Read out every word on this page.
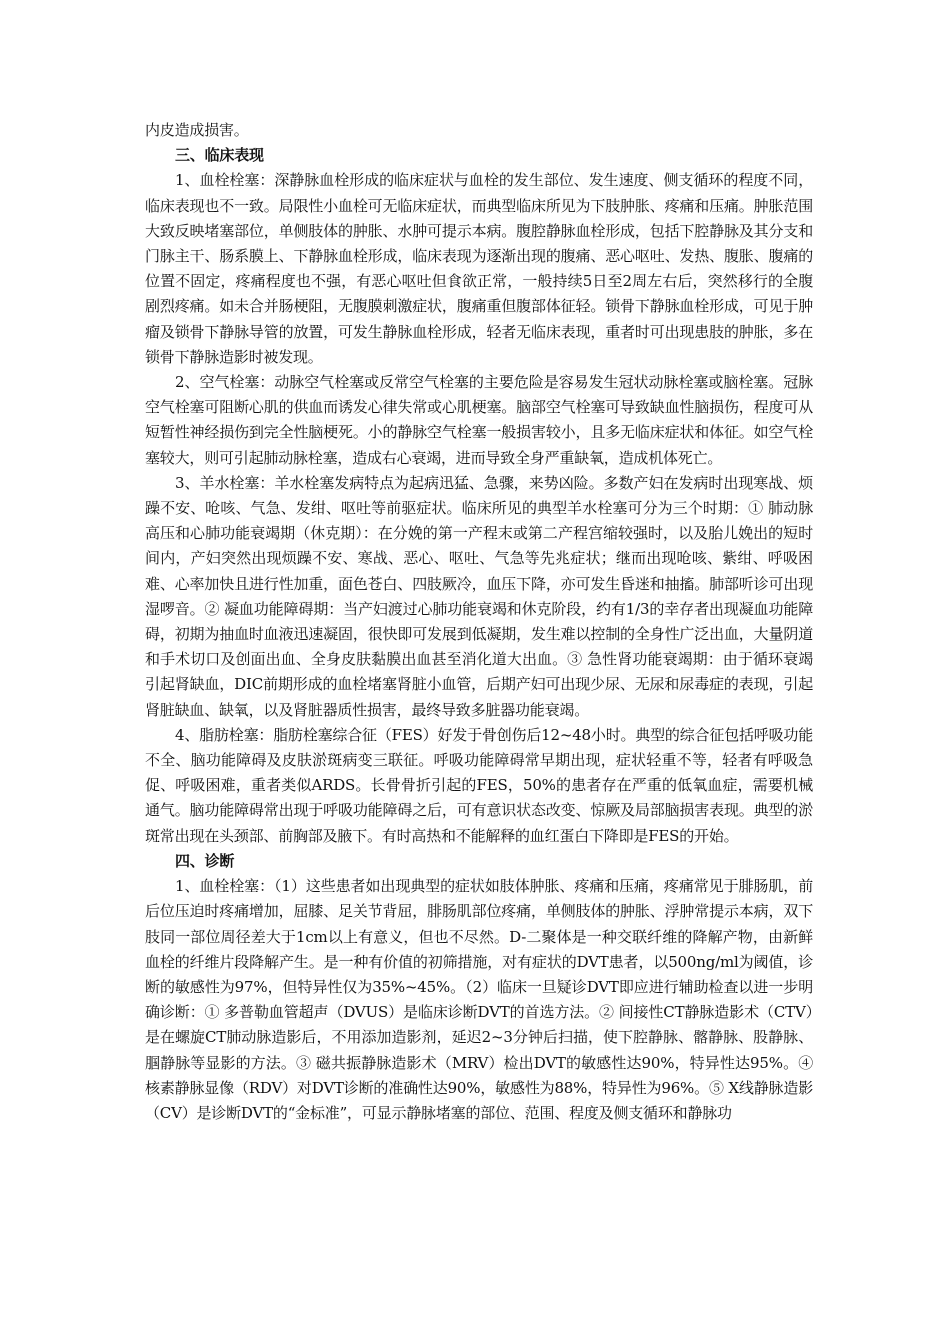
内皮造成损害。

三、临床表现

1、血栓栓塞：深静脉血栓形成的临床症状与血栓的发生部位、发生速度、侧支循环的程度不同，临床表现也不一致。局限性小血栓可无临床症状，而典型临床所见为下肢肿胀、疼痛和压痛。肿胀范围大致反映堵塞部位，单侧肢体的肿胀、水肿可提示本病。腹腔静脉血栓形成，包括下腔静脉及其分支和门脉主干、肠系膜上、下静脉血栓形成，临床表现为逐渐出现的腹痛、恶心呕吐、发热、腹胀、腹痛的位置不固定，疼痛程度也不强，有恶心呕吐但食欲正常，一般持续5日至2周左右后，突然移行的全腹剧烈疼痛。如未合并肠梗阻，无腹膜刺激症状，腹痛重但腹部体征轻。锁骨下静脉血栓形成，可见于肿瘤及锁骨下静脉导管的放置，可发生静脉血栓形成，轻者无临床表现，重者时可出现患肢的肿胀，多在锁骨下静脉造影时被发现。

2、空气栓塞：动脉空气栓塞或反常空气栓塞的主要危险是容易发生冠状动脉栓塞或脑栓塞。冠脉空气栓塞可阻断心肌的供血而诱发心律失常或心肌梗塞。脑部空气栓塞可导致缺血性脑损伤，程度可从短暂性神经损伤到完全性脑梗死。小的静脉空气栓塞一般损害较小，且多无临床症状和体征。如空气栓塞较大，则可引起肺动脉栓塞，造成右心衰竭，进而导致全身严重缺氧，造成机体死亡。

3、羊水栓塞：羊水栓塞发病特点为起病迅猛、急骤，来势凶险。多数产妇在发病时出现寒战、烦躁不安、呛咳、气急、发绀、呕吐等前驱症状。临床所见的典型羊水栓塞可分为三个时期：① 肺动脉高压和心肺功能衰竭期（休克期）：在分娩的第一产程末或第二产程宫缩较强时，以及胎儿娩出的短时间内，产妇突然出现烦躁不安、寒战、恶心、呕吐、气急等先兆症状；继而出现呛咳、紫绀、呼吸困难、心率加快且进行性加重，面色苍白、四肢厥冷，血压下降，亦可发生昏迷和抽搐。肺部听诊可出现湿啰音。② 凝血功能障碍期：当产妇渡过心肺功能衰竭和休克阶段，约有1/3的幸存者出现凝血功能障碍，初期为抽血时血液迅速凝固，很快即可发展到低凝期，发生难以控制的全身性广泛出血，大量阴道和手术切口及创面出血、全身皮肤黏膜出血甚至消化道大出血。③ 急性肾功能衰竭期：由于循环衰竭引起肾缺血，DIC前期形成的血栓堵塞肾脏小血管，后期产妇可出现少尿、无尿和尿毒症的表现，引起肾脏缺血、缺氧，以及肾脏器质性损害，最终导致多脏器功能衰竭。

4、脂肪栓塞：脂肪栓塞综合征（FES）好发于骨创伤后12~48小时。典型的综合征包括呼吸功能不全、脑功能障碍及皮肤淤斑病变三联征。呼吸功能障碍常早期出现，症状轻重不等，轻者有呼吸急促、呼吸困难，重者类似ARDS。长骨骨折引起的FES，50%的患者存在严重的低氧血症，需要机械通气。脑功能障碍常出现于呼吸功能障碍之后，可有意识状态改变、惊厥及局部脑损害表现。典型的淤斑常出现在头颈部、前胸部及腋下。有时高热和不能解释的血红蛋白下降即是FES的开始。

四、诊断

1、血栓栓塞：（1）这些患者如出现典型的症状如肢体肿胀、疼痛和压痛，疼痛常见于腓肠肌，前后位压迫时疼痛增加，屈膝、足关节背屈，腓肠肌部位疼痛，单侧肢体的肿胀、浮肿常提示本病，双下肢同一部位周径差大于1cm以上有意义，但也不尽然。D-二聚体是一种交联纤维的降解产物，由新鲜血栓的纤维片段降解产生。是一种有价值的初筛措施，对有症状的DVT患者，以500ng/ml为阈值，诊断的敏感性为97%，但特异性仅为35%~45%。（2）临床一旦疑诊DVT即应进行辅助检查以进一步明确诊断：① 多普勒血管超声（DVUS）是临床诊断DVT的首选方法。② 间接性CT静脉造影术（CTV）是在螺旋CT肺动脉造影后，不用添加造影剂，延迟2~3分钟后扫描，使下腔静脉、髂静脉、股静脉、腘静脉等显影的方法。③ 磁共振静脉造影术（MRV）检出DVT的敏感性达90%，特异性达95%。④ 核素静脉显像（RDV）对DVT诊断的准确性达90%，敏感性为88%，特异性为96%。⑤ X线静脉造影（CV）是诊断DVT的“金标准”，可显示静脉堵塞的部位、范围、程度及侧支循环和静脉功
